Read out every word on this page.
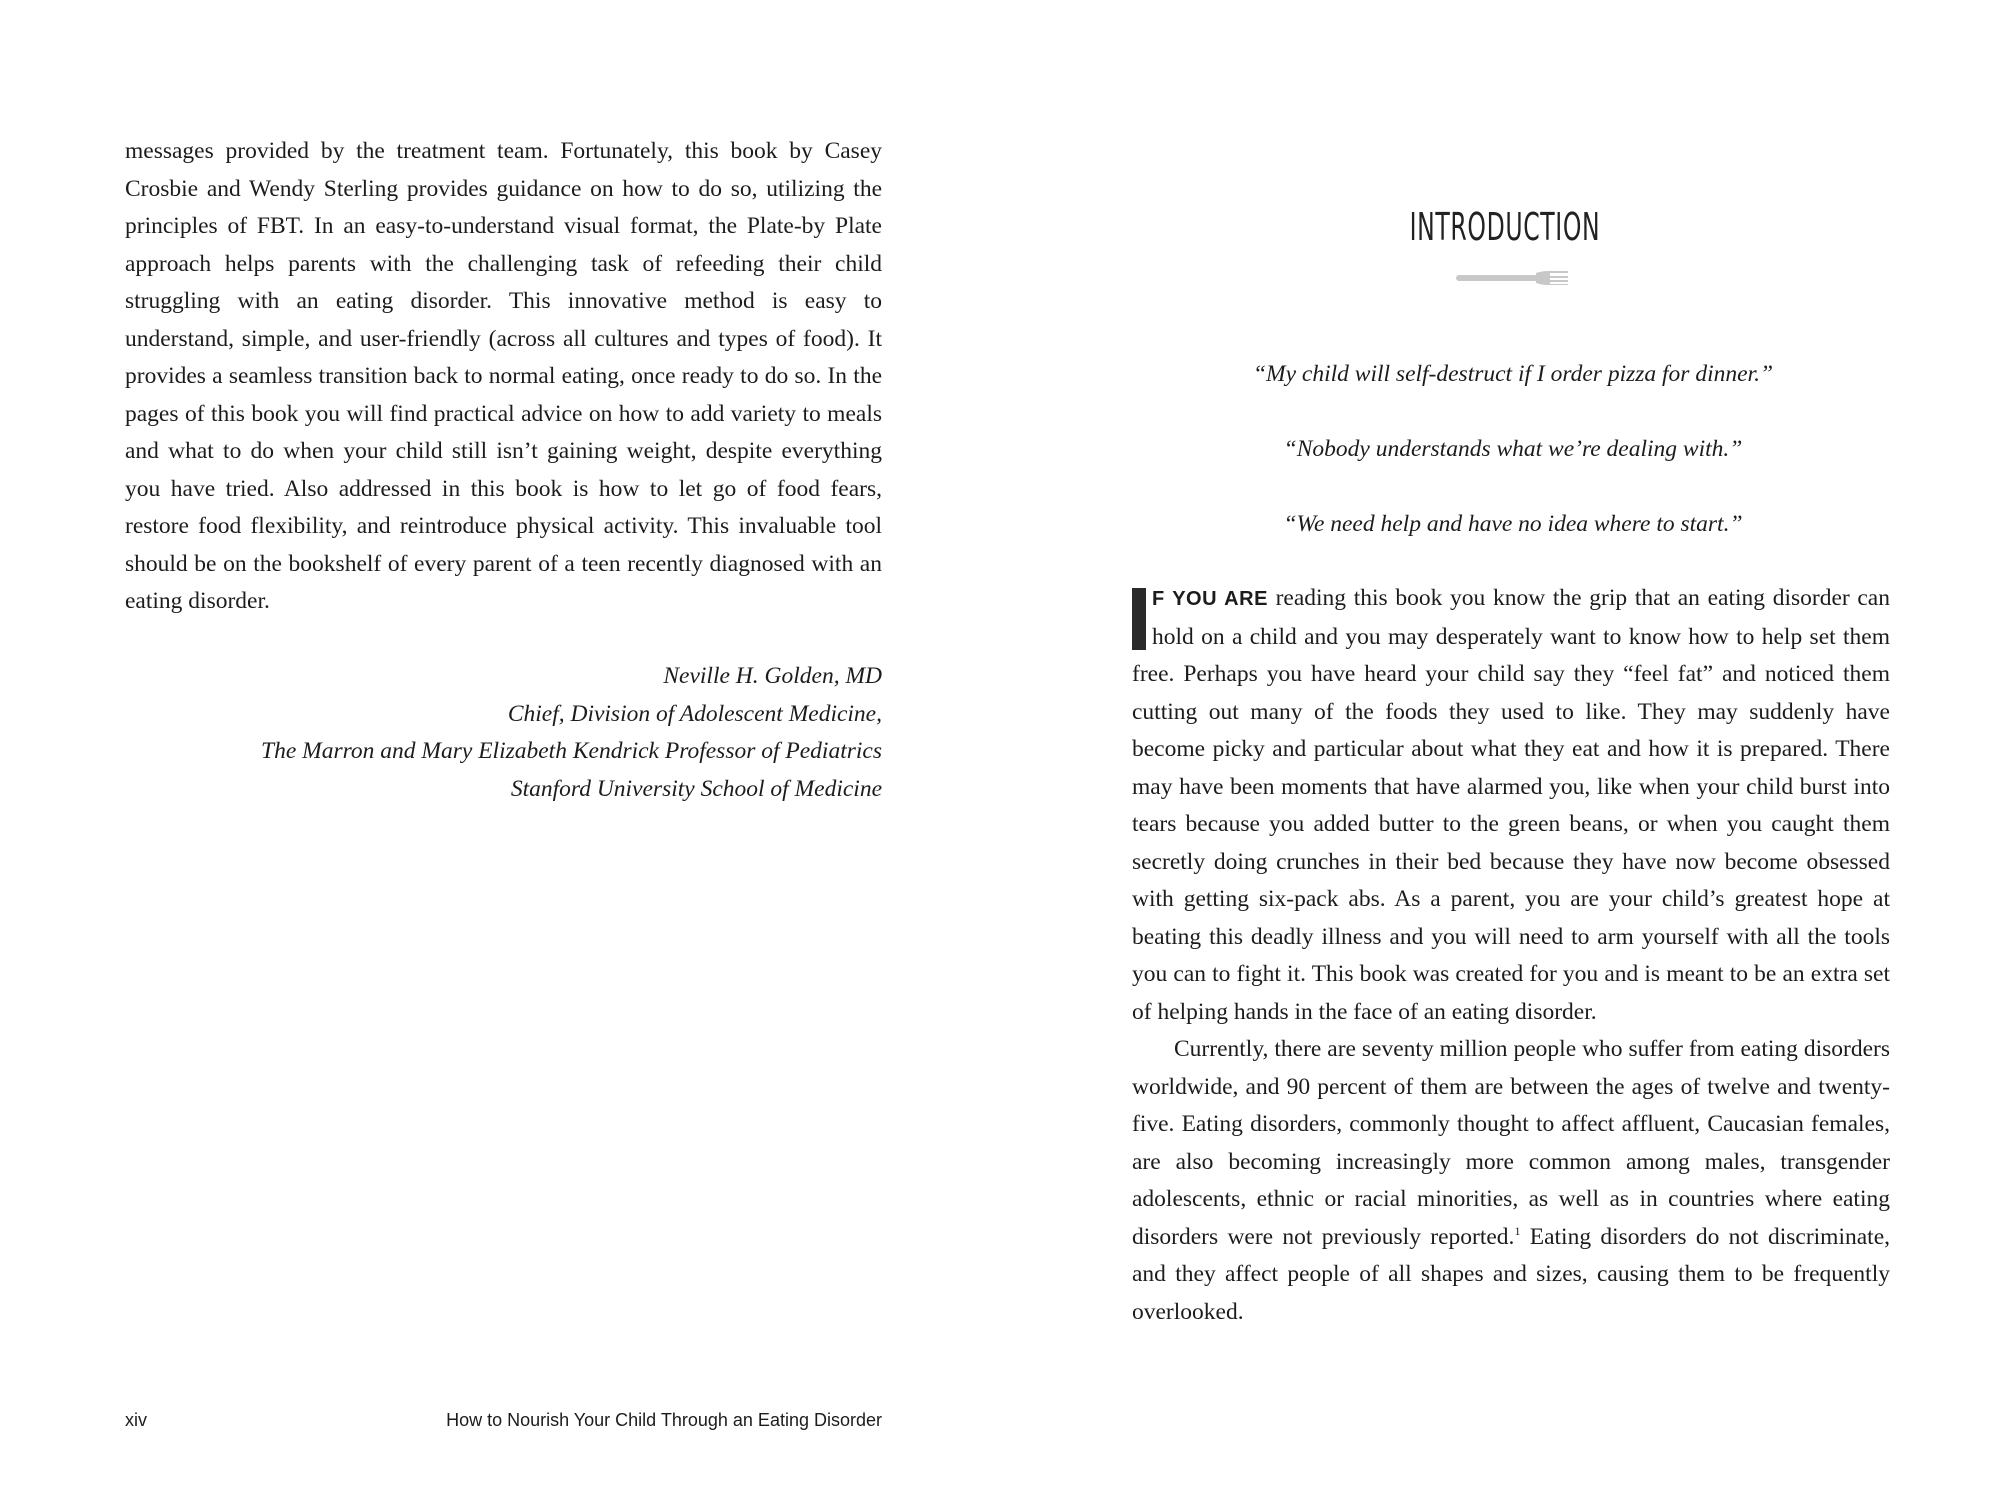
messages provided by the treatment team. Fortunately, this book by Casey Crosbie and Wendy Sterling provides guidance on how to do so, utilizing the principles of FBT. In an easy-to-understand visual format, the Plate-by Plate approach helps parents with the challenging task of refeeding their child struggling with an eating disorder. This innovative method is easy to understand, simple, and user-friendly (across all cultures and types of food). It provides a seamless transition back to normal eating, once ready to do so. In the pages of this book you will find practical advice on how to add variety to meals and what to do when your child still isn’t gaining weight, despite everything you have tried. Also addressed in this book is how to let go of food fears, restore food flexibility, and reintroduce physical activity. This invaluable tool should be on the bookshelf of every parent of a teen recently diagnosed with an eating disorder.

Neville H. Golden, MD
Chief, Division of Adolescent Medicine,
The Marron and Mary Elizabeth Kendrick Professor of Pediatrics
Stanford University School of Medicine
xiv	How to Nourish Your Child Through an Eating Disorder
INTRODUCTION

“My child will self-destruct if I order pizza for dinner.”

“Nobody understands what we’re dealing with.”

“We need help and have no idea where to start.”

F YOU ARE reading this book you know the grip that an eating disorder can hold on a child and you may desperately want to know how to help set them free. Perhaps you have heard your child say they “feel fat” and noticed them cutting out many of the foods they used to like. They may suddenly have become picky and particular about what they eat and how it is prepared. There may have been moments that have alarmed you, like when your child burst into tears because you added butter to the green beans, or when you caught them secretly doing crunches in their bed because they have now become obsessed with getting six-pack abs. As a parent, you are your child’s greatest hope at beating this deadly illness and you will need to arm yourself with all the tools you can to fight it. This book was created for you and is meant to be an extra set of helping hands in the face of an eating disorder.

Currently, there are seventy million people who suffer from eating disorders worldwide, and 90 percent of them are between the ages of twelve and twenty-five. Eating disorders, commonly thought to affect affluent, Caucasian females, are also becoming increasingly more common among males, transgender adolescents, ethnic or racial minorities, as well as in countries where eating disorders were not previously reported.$^1$ Eating disorders do not discriminate, and they affect people of all shapes and sizes, causing them to be frequently overlooked.
